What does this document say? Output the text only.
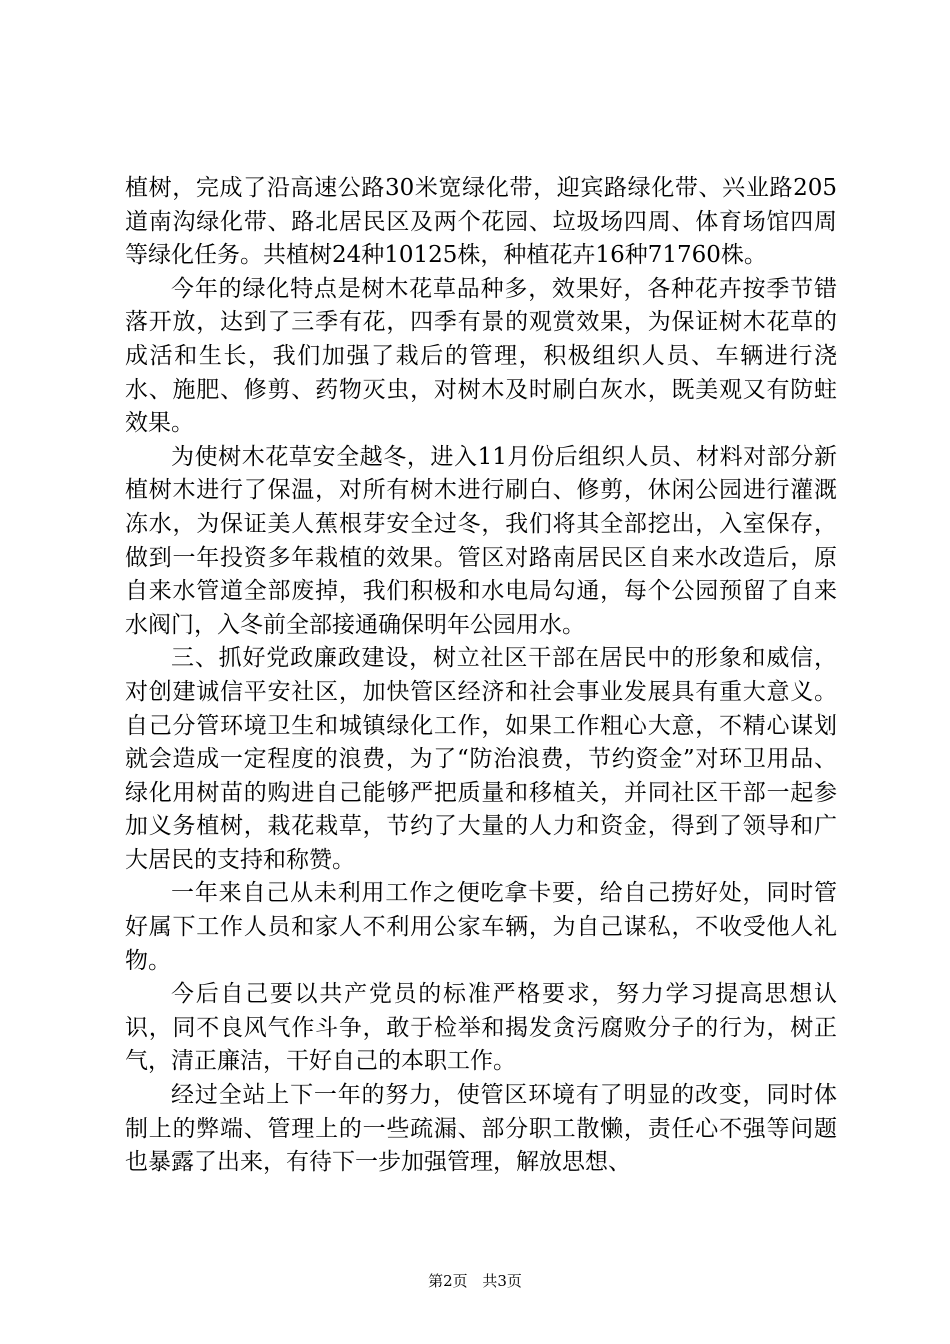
植树，完成了沿高速公路30米宽绿化带，迎宾路绿化带、兴业路205道南沟绿化带、路北居民区及两个花园、垃圾场四周、体育场馆四周等绿化任务。共植树24种10125株，种植花卉16种71760株。

今年的绿化特点是树木花草品种多，效果好，各种花卉按季节错落开放，达到了三季有花，四季有景的观赏效果，为保证树木花草的成活和生长，我们加强了栽后的管理，积极组织人员、车辆进行浇水、施肥、修剪、药物灭虫，对树木及时刷白灰水，既美观又有防蛀效果。

为使树木花草安全越冬，进入11月份后组织人员、材料对部分新植树木进行了保温，对所有树木进行刷白、修剪，休闲公园进行灌溉冻水，为保证美人蕉根芽安全过冬，我们将其全部挖出，入室保存，做到一年投资多年栽植的效果。管区对路南居民区自来水改造后，原自来水管道全部废掉，我们积极和水电局勾通，每个公园预留了自来水阀门，入冬前全部接通确保明年公园用水。

三、抓好党政廉政建设，树立社区干部在居民中的形象和威信，对创建诚信平安社区，加快管区经济和社会事业发展具有重大意义。自己分管环境卫生和城镇绿化工作，如果工作粗心大意，不精心谋划就会造成一定程度的浪费，为了“防治浪费，节约资金”对环卫用品、绿化用树苗的购进自己能够严把质量和移植关，并同社区干部一起参加义务植树，栽花栽草，节约了大量的人力和资金，得到了领导和广大居民的支持和称赞。

一年来自己从未利用工作之便吃拿卡要，给自己捞好处，同时管好属下工作人员和家人不利用公家车辆，为自己谋私，不收受他人礼物。

今后自己要以共产党员的标准严格要求，努力学习提高思想认识，同不良风气作斗争，敢于检举和揭发贪污腐败分子的行为，树正气，清正廉洁，干好自己的本职工作。

经过全站上下一年的努力，使管区环境有了明显的改变，同时体制上的弊端、管理上的一些疏漏、部分职工散懒，责任心不强等问题也暴露了出来，有待下一步加强管理，解放思想、

第2页 共3页
